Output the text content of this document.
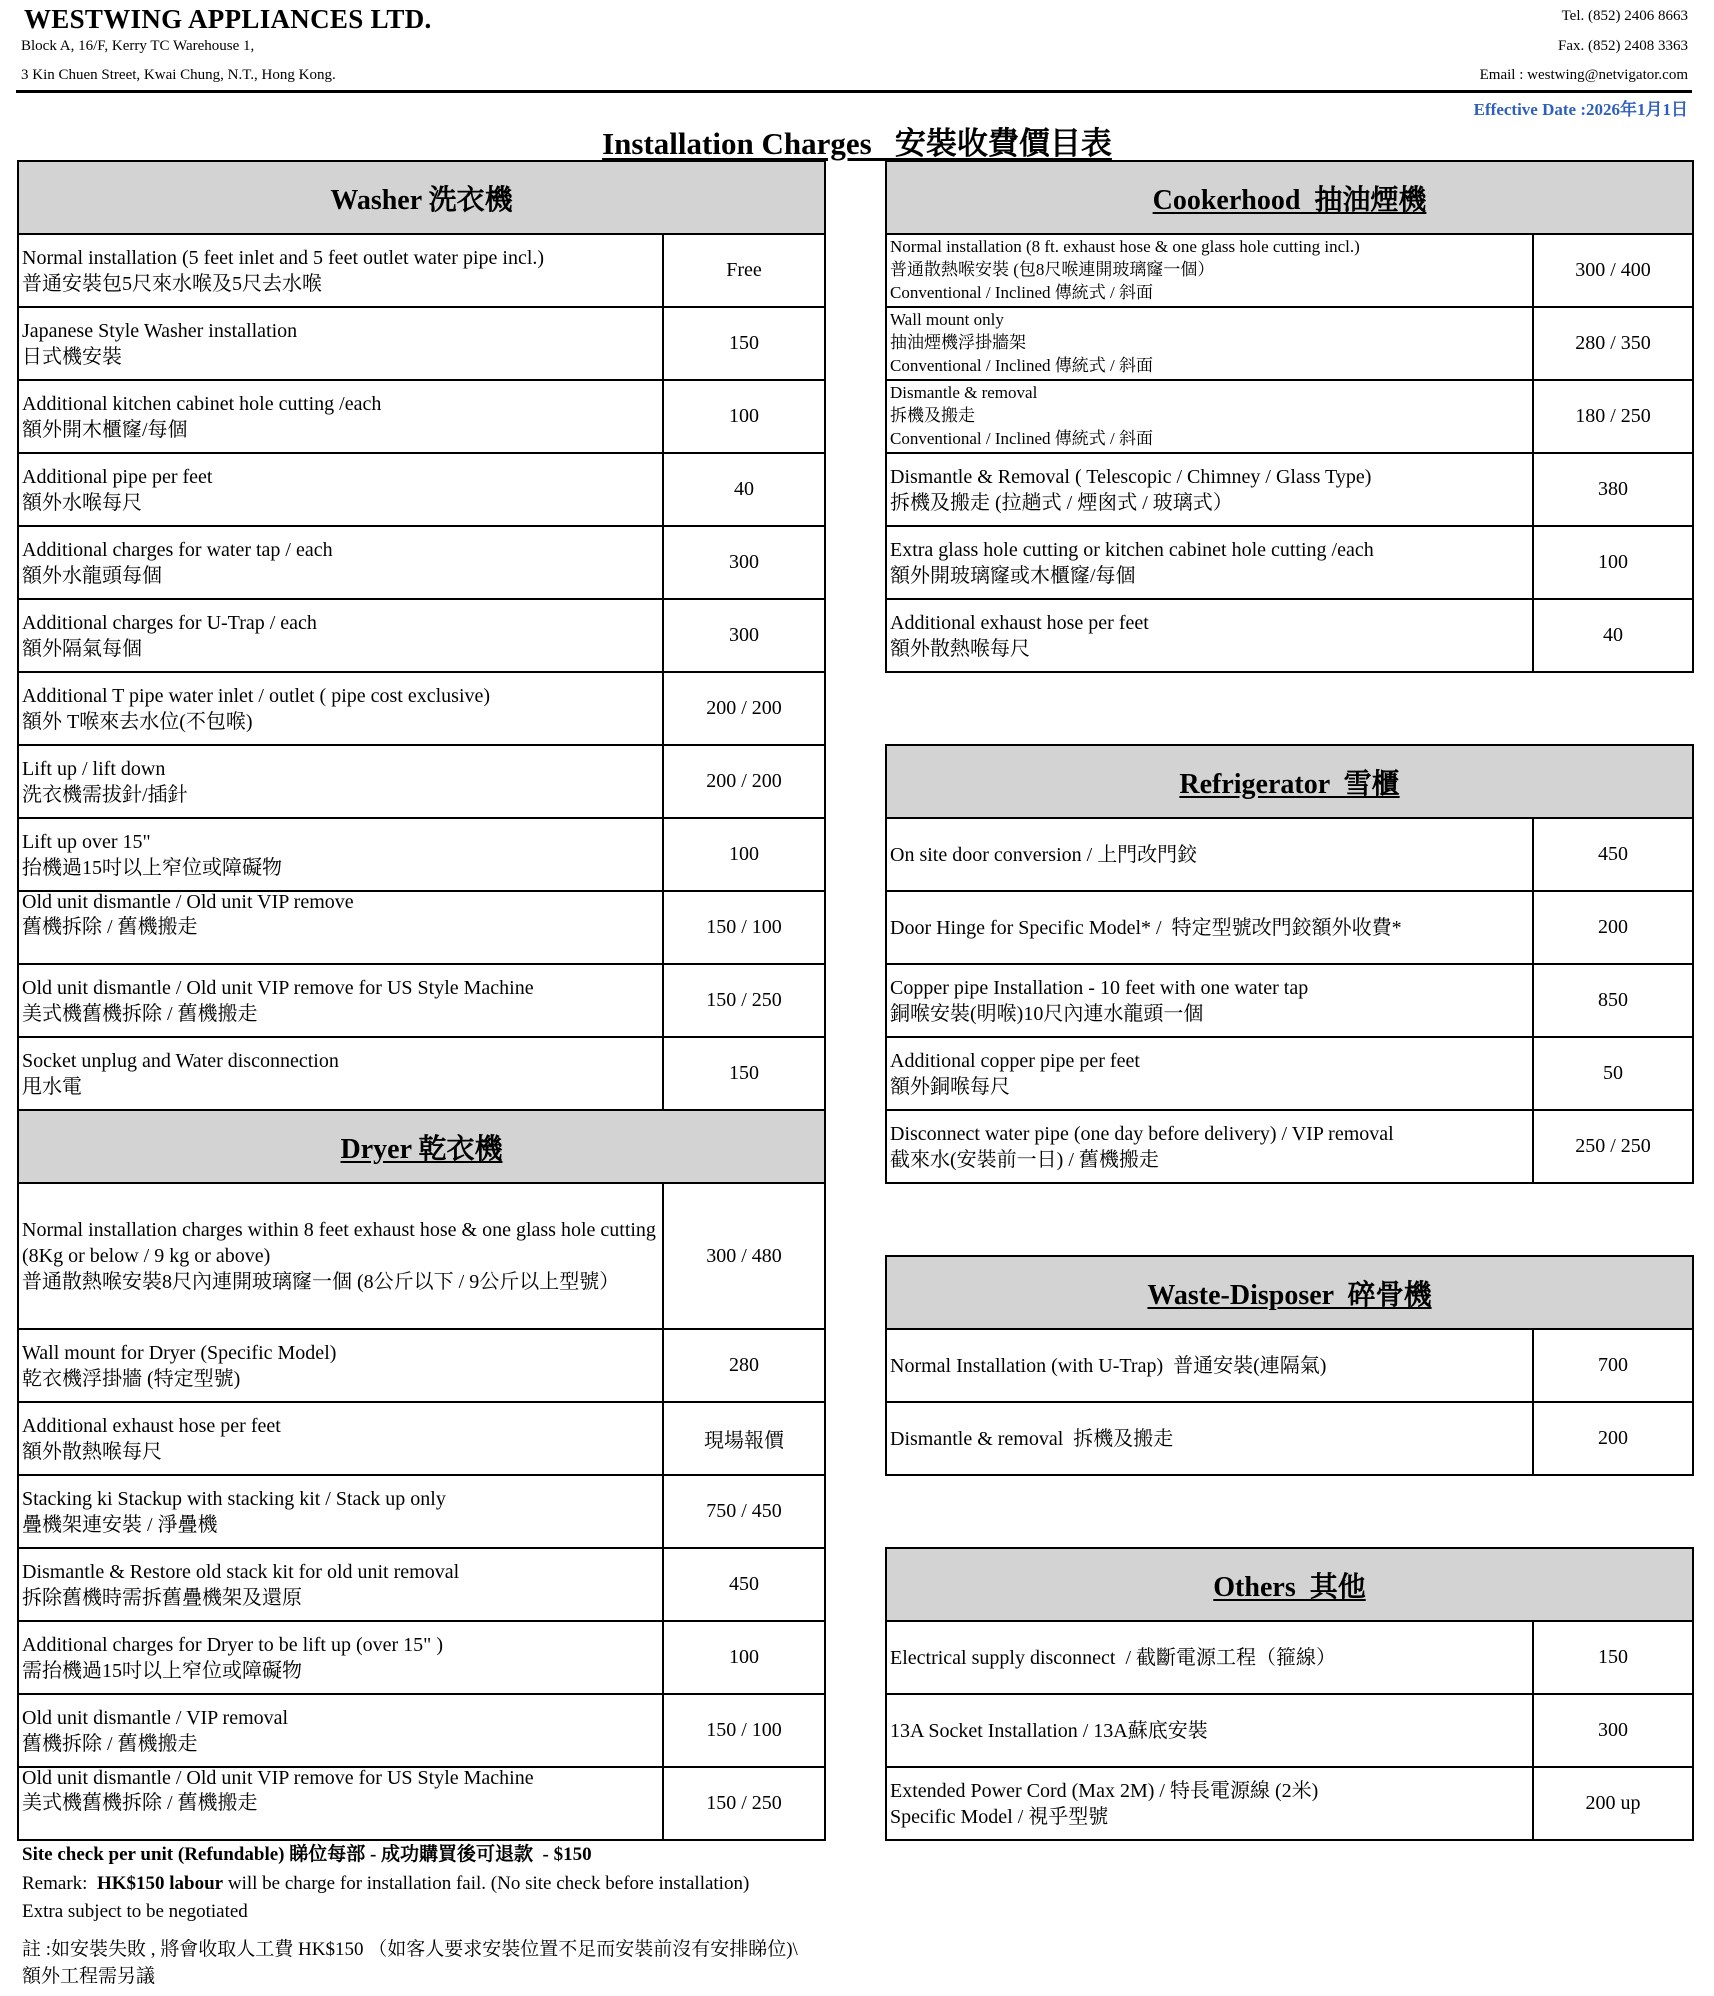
WESTWING APPLIANCES LTD.
Block A, 16/F, Kerry TC Warehouse 1,
3 Kin Chuen Street, Kwai Chung, N.T., Hong Kong.
Tel. (852) 2406 8663
Fax. (852) 2408 3363
Email : westwing@netvigator.com
Effective Date :2026年1月1日
Installation Charges   安裝收費價目表
Washer 洗衣機	

Normal installation (5 feet inlet and 5 feet outlet water pipe incl.)
普通安裝包5尺來水喉及5尺去水喉	Free

Japanese Style Washer installation
日式機安裝	150

Additional kitchen cabinet hole cutting /each
額外開木櫃窿/每個	100

Additional pipe per feet
額外水喉每尺	40

Additional charges for water tap / each
額外水龍頭每個	300

Additional charges for U-Trap / each
額外隔氣每個	300

Additional T pipe water inlet / outlet ( pipe cost exclusive)
額外 T喉來去水位(不包喉)	200 / 200

Lift up / lift down
洗衣機需拔針/插針	200 / 200

Lift up over 15"
抬機過15吋以上窄位或障礙物	100

Old unit dismantle / Old unit VIP remove
舊機拆除 / 舊機搬走	150 / 100

Old unit dismantle / Old unit VIP remove for US Style Machine
美式機舊機拆除 / 舊機搬走	150 / 250

Socket unplug and Water disconnection
甩水電	150
Dryer 乾衣機	

Normal installation charges within 8 feet exhaust hose & one glass hole cutting (8Kg or below / 9 kg or above)
普通散熱喉安裝8尺內連開玻璃窿一個 (8公斤以下 / 9公斤以上型號）	300 / 480

Wall mount for Dryer (Specific Model)
乾衣機浮掛牆 (特定型號)	280

Additional exhaust hose per feet
額外散熱喉每尺	現場報價

Stacking ki Stackup with stacking kit / Stack up only
疊機架連安裝 / 淨疊機	750 / 450

Dismantle & Restore old stack kit for old unit removal
拆除舊機時需拆舊疊機架及還原	450

Additional charges for Dryer to be lift up (over 15" )
需抬機過15吋以上窄位或障礙物	100

Old unit dismantle / VIP removal
舊機拆除 / 舊機搬走	150 / 100

Old unit dismantle / Old unit VIP remove for US Style Machine
美式機舊機拆除 / 舊機搬走	150 / 250
Cookerhood  抽油煙機	

Normal installation (8 ft. exhaust hose & one glass hole cutting incl.)
普通散熱喉安裝 (包8尺喉連開玻璃窿一個）
Conventional / Inclined 傳統式 / 斜面	300 / 400

Wall mount only
抽油煙機浮掛牆架
Conventional / Inclined 傳統式 / 斜面	280 / 350

Dismantle & removal
拆機及搬走
Conventional / Inclined 傳統式 / 斜面	180 / 250

Dismantle & Removal ( Telescopic / Chimney / Glass Type)
拆機及搬走 (拉趟式 / 煙囪式 / 玻璃式）	380

Extra glass hole cutting or kitchen cabinet hole cutting /each
額外開玻璃窿或木櫃窿/每個	100

Additional exhaust hose per feet
額外散熱喉每尺	40
Refrigerator  雪櫃	

On site door conversion / 上門改門鉸	450

Door Hinge for Specific Model* /  特定型號改門鉸額外收費*	200

Copper pipe Installation - 10 feet with one water tap
銅喉安裝(明喉)10尺內連水龍頭一個	850

Additional copper pipe per feet
額外銅喉每尺	50

Disconnect water pipe (one day before delivery) / VIP removal
截來水(安裝前一日) / 舊機搬走	250 / 250
Waste-Disposer  碎骨機	

Normal Installation (with U-Trap)  普通安裝(連隔氣)	700

Dismantle & removal  拆機及搬走	200
Others  其他	

Electrical supply disconnect  / 截斷電源工程（箍線）	150

13A Socket Installation / 13A蘇底安裝	300

Extended Power Cord (Max 2M) / 特長電源線 (2米)
Specific Model / 視乎型號	200 up
Site check per unit (Refundable) 睇位每部 - 成功購買後可退款  - $150
Remark:  HK$150 labour will be charge for installation fail. (No site check before installation)
Extra subject to be negotiated
註 :如安裝失敗 , 將會收取人工費 HK$150 （如客人要求安裝位置不足而安裝前沒有安排睇位)\
額外工程需另議
